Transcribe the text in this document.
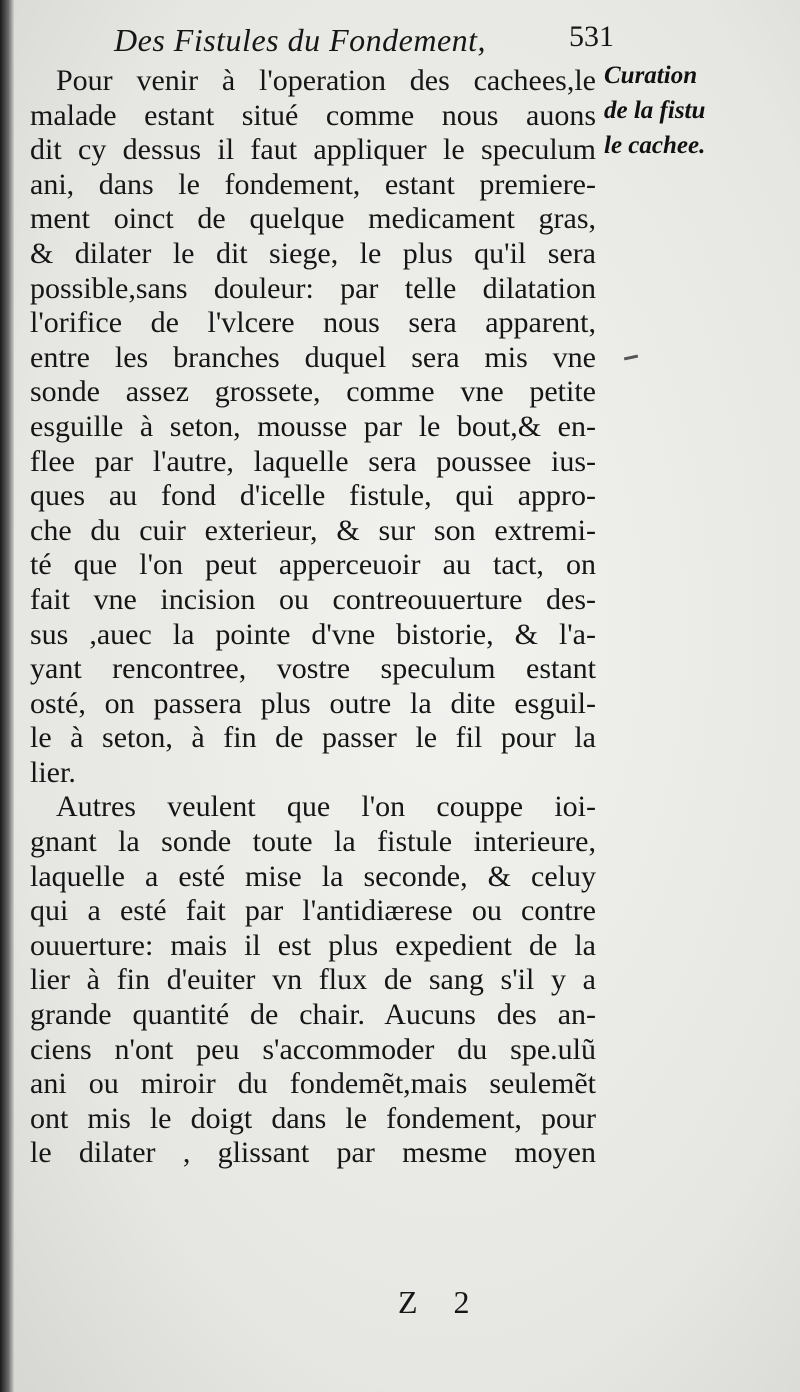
Des Fistules du Fondement,	531
Curation
de la fistu
le cachee.
Pour venir à l'operation des cachees,le
malade estant situé comme nous auons
dit cy dessus il faut appliquer le speculum
ani, dans le fondement, estant premiere-
ment oinct de quelque medicament gras,
& dilater le dit siege, le plus qu'il sera
possible,sans douleur: par telle dilatation
l'orifice de l'vlcere nous sera apparent,
entre les branches duquel sera mis vne
sonde assez grossete, comme vne petite
esguille à seton, mousse par le bout,& en-
flee par l'autre, laquelle sera poussee ius-
ques au fond d'icelle fistule, qui appro-
che du cuir exterieur, & sur son extremi-
té que l'on peut apperceuoir au tact, on
fait vne incision ou contreouuerture des-
sus ,auec la pointe d'vne bistorie, & l'a-
yant rencontree, vostre speculum estant
osté, on passera plus outre la dite esguil-
le à seton, à fin de passer le fil pour la
lier.
Autres veulent que l'on couppe ioi-
gnant la sonde toute la fistule interieure,
laquelle a esté mise la seconde, & celuy
qui a esté fait par l'antidiæresе ou contre
ouuerture: mais il est plus expedient de la
lier à fin d'euiter vn flux de sang s'il y a
grande quantité de chair. Aucuns des an-
ciens n'ont peu s'accommoder du spe.ulũ
ani ou miroir du fondemẽt,mais seulemẽt
ont mis le doigt dans le fondement, pour
le dilater , glissant par mesme moyen
Z 2
